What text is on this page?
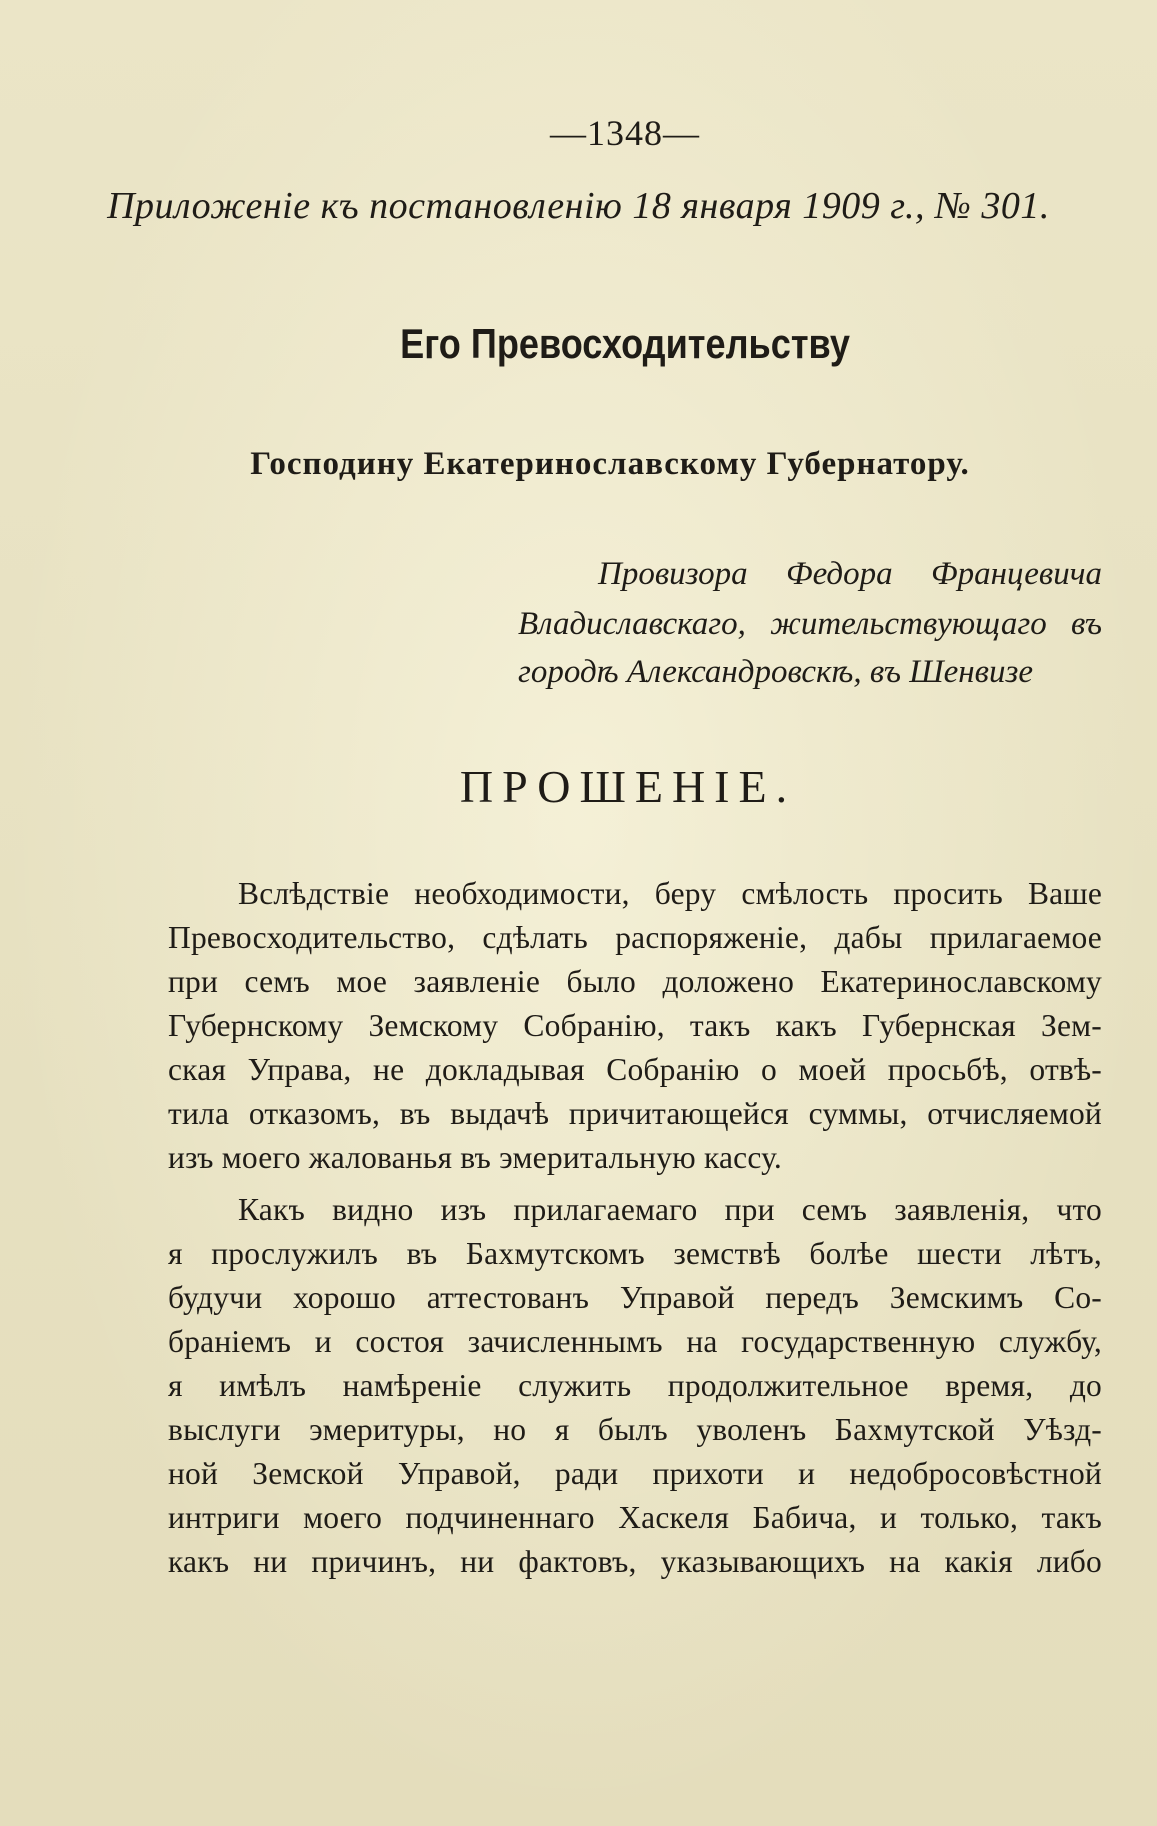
—1348—
Приложеніе къ постановленію 18 января 1909 г., № 301.
Его Превосходительству
Господину Екатеринославскому Губернатору.
Провизора Федора Францевича
Владиславскаго, жительствующаго въ
городѣ Александровскѣ, въ Шенвизе
ПРОШЕНІЕ.
Вслѣдствіе необходимости, беру смѣлость просить Ваше
Превосходительство, сдѣлать распоряженіе, дабы прилагаемое
при семъ мое заявленіе было доложено Екатеринославскому
Губернскому Земскому Собранію, такъ какъ Губернская Зем-
ская Управа, не докладывая Собранію о моей просьбѣ, отвѣ-
тила отказомъ, въ выдачѣ причитающейся суммы, отчисляемой
изъ моего жалованья въ эмеритальную кассу.
Какъ видно изъ прилагаемаго при семъ заявленія, что
я прослужилъ въ Бахмутскомъ земствѣ болѣе шести лѣтъ,
будучи хорошо аттестованъ Управой передъ Земскимъ Со-
браніемъ и состоя зачисленнымъ на государственную службу,
я имѣлъ намѣреніе служить продолжительное время, до
выслуги эмеритуры, но я былъ уволенъ Бахмутской Уѣзд-
ной Земской Управой, ради прихоти и недобросовѣстной
интриги моего подчиненнаго Хаскеля Бабича, и только, такъ
какъ ни причинъ, ни фактовъ, указывающихъ на какія либо
